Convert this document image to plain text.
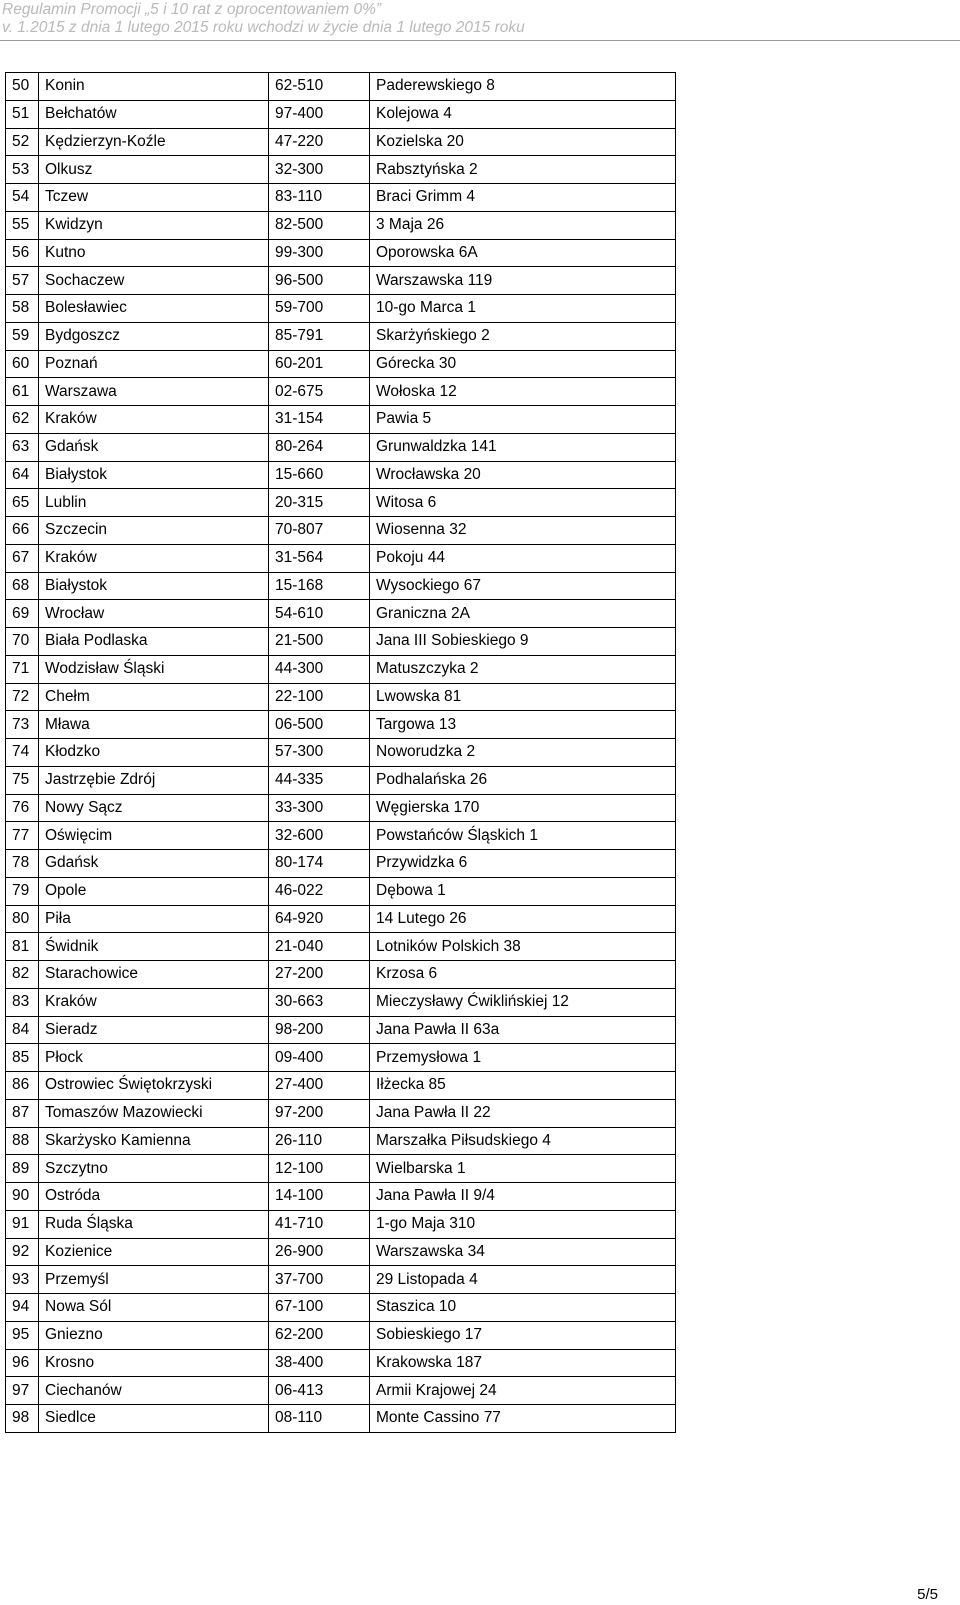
Regulamin Promocji „5 i 10 rat z oprocentowaniem 0%”
v. 1.2015 z dnia 1 lutego 2015 roku wchodzi w życie dnia 1 lutego 2015 roku
50	Konin	62-510	Paderewskiego 8
51	Bełchatów	97-400	Kolejowa 4
52	Kędzierzyn-Koźle	47-220	Kozielska 20
53	Olkusz	32-300	Rabsztyńska 2
54	Tczew	83-110	Braci Grimm 4
55	Kwidzyn	82-500	3 Maja 26
56	Kutno	99-300	Oporowska 6A
57	Sochaczew	96-500	Warszawska 119
58	Bolesławiec	59-700	10-go Marca 1
59	Bydgoszcz	85-791	Skarżyńskiego 2
60	Poznań	60-201	Górecka 30
61	Warszawa	02-675	Wołoska 12
62	Kraków	31-154	Pawia 5
63	Gdańsk	80-264	Grunwaldzka 141
64	Białystok	15-660	Wrocławska 20
65	Lublin	20-315	Witosa 6
66	Szczecin	70-807	Wiosenna 32
67	Kraków	31-564	Pokoju 44
68	Białystok	15-168	Wysockiego 67
69	Wrocław	54-610	Graniczna 2A
70	Biała Podlaska	21-500	Jana III Sobieskiego 9
71	Wodzisław Śląski	44-300	Matuszczyka 2
72	Chełm	22-100	Lwowska 81
73	Mława	06-500	Targowa 13
74	Kłodzko	57-300	Noworudzka 2
75	Jastrzębie Zdrój	44-335	Podhalańska 26
76	Nowy Sącz	33-300	Węgierska 170
77	Oświęcim	32-600	Powstańców Śląskich 1
78	Gdańsk	80-174	Przywidzka 6
79	Opole	46-022	Dębowa 1
80	Piła	64-920	14 Lutego 26
81	Świdnik	21-040	Lotników Polskich 38
82	Starachowice	27-200	Krzosa 6
83	Kraków	30-663	Mieczysławy Ćwiklińskiej 12
84	Sieradz	98-200	Jana Pawła II 63a
85	Płock	09-400	Przemysłowa 1
86	Ostrowiec Świętokrzyski	27-400	Iłżecka 85
87	Tomaszów Mazowiecki	97-200	Jana Pawła II 22
88	Skarżysko Kamienna	26-110	Marszałka Piłsudskiego 4
89	Szczytno	12-100	Wielbarska 1
90	Ostróda	14-100	Jana Pawła II 9/4
91	Ruda Śląska	41-710	1-go Maja 310
92	Kozienice	26-900	Warszawska 34
93	Przemyśl	37-700	29 Listopada 4
94	Nowa Sól	67-100	Staszica 10
95	Gniezno	62-200	Sobieskiego 17
96	Krosno	38-400	Krakowska 187
97	Ciechanów	06-413	Armii Krajowej 24
98	Siedlce	08-110	Monte Cassino 77
5/5
